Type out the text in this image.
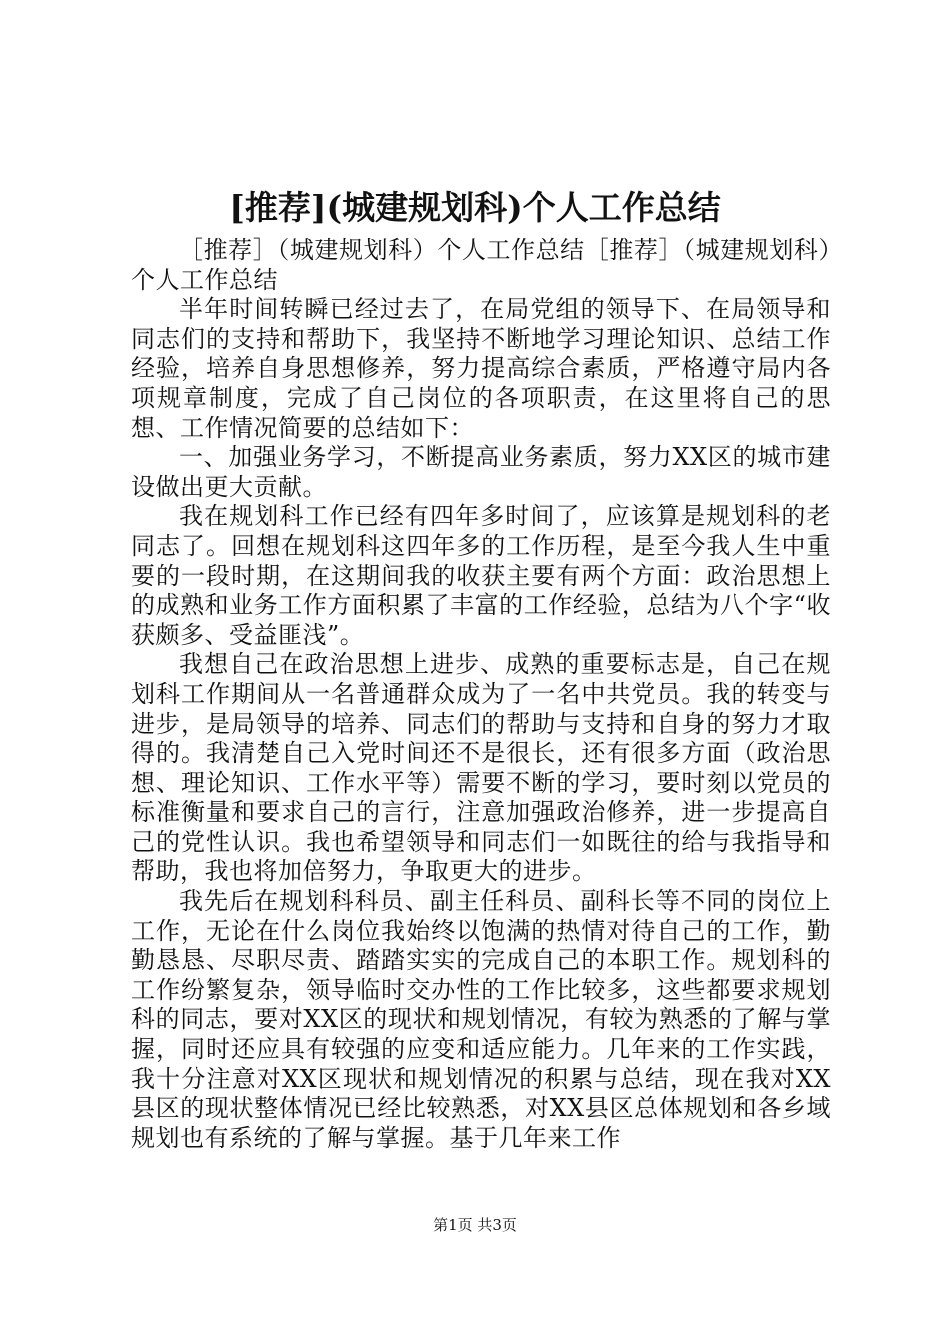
[推荐](城建规划科)个人工作总结

［推荐］（城建规划科）个人工作总结［推荐］（城建规划科）个人工作总结

半年时间转瞬已经过去了，在局党组的领导下、在局领导和同志们的支持和帮助下，我坚持不断地学习理论知识、总结工作经验，培养自身思想修养，努力提高综合素质，严格遵守局内各项规章制度，完成了自己岗位的各项职责，在这里将自己的思想、工作情况简要的总结如下：

一、加强业务学习，不断提高业务素质，努力XX区的城市建设做出更大贡献。

我在规划科工作已经有四年多时间了，应该算是规划科的老同志了。回想在规划科这四年多的工作历程，是至今我人生中重要的一段时期，在这期间我的收获主要有两个方面：政治思想上的成熟和业务工作方面积累了丰富的工作经验，总结为八个字“收获颇多、受益匪浅”。

我想自己在政治思想上进步、成熟的重要标志是，自己在规划科工作期间从一名普通群众成为了一名中共党员。我的转变与进步，是局领导的培养、同志们的帮助与支持和自身的努力才取得的。我清楚自己入党时间还不是很长，还有很多方面（政治思想、理论知识、工作水平等）需要不断的学习，要时刻以党员的标准衡量和要求自己的言行，注意加强政治修养，进一步提高自己的党性认识。我也希望领导和同志们一如既往的给与我指导和帮助，我也将加倍努力，争取更大的进步。

我先后在规划科科员、副主任科员、副科长等不同的岗位上工作，无论在什么岗位我始终以饱满的热情对待自己的工作，勤勤恳恳、尽职尽责、踏踏实实的完成自己的本职工作。规划科的工作纷繁复杂，领导临时交办性的工作比较多，这些都要求规划科的同志，要对XX区的现状和规划情况，有较为熟悉的了解与掌握，同时还应具有较强的应变和适应能力。几年来的工作实践，我十分注意对XX区现状和规划情况的积累与总结，现在我对XX县区的现状整体情况已经比较熟悉，对XX县区总体规划和各乡域规划也有系统的了解与掌握。基于几年来工作

第1页 共3页
